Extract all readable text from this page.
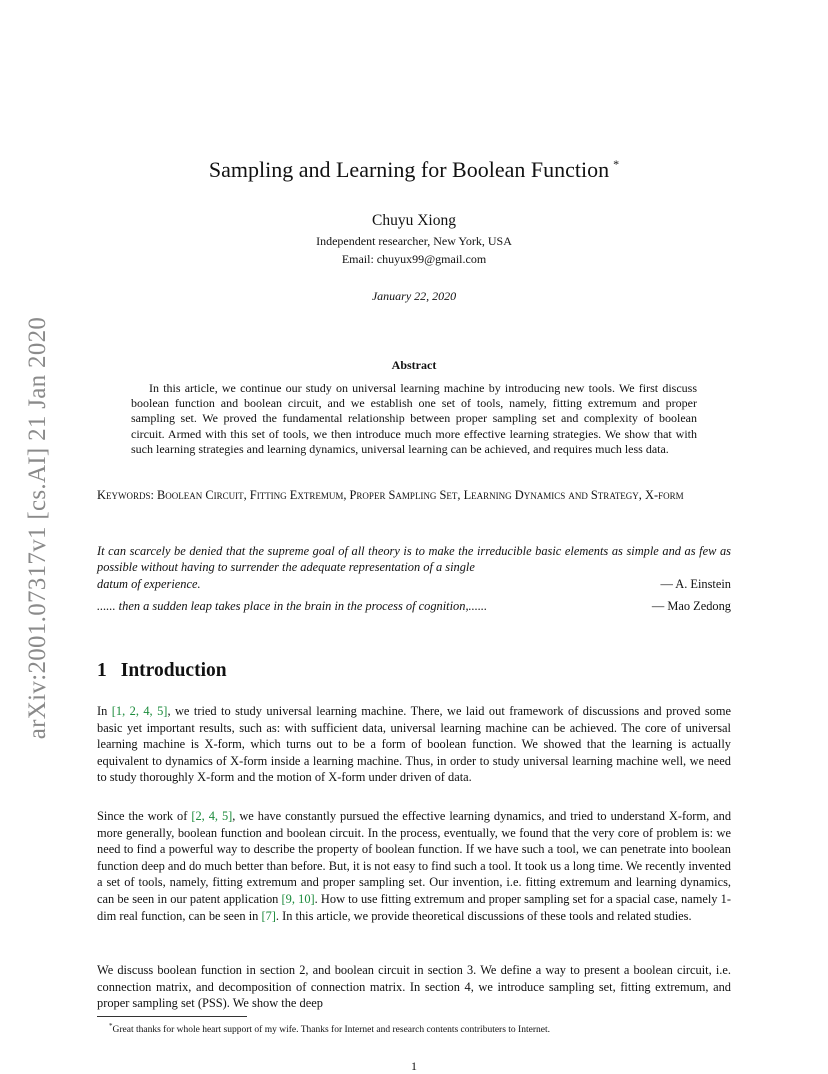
arXiv:2001.07317v1 [cs.AI] 21 Jan 2020
Sampling and Learning for Boolean Function *
Chuyu Xiong
Independent researcher, New York, USA
Email: chuyux99@gmail.com
January 22, 2020
Abstract

In this article, we continue our study on universal learning machine by introducing new tools. We first discuss boolean function and boolean circuit, and we establish one set of tools, namely, fitting extremum and proper sampling set. We proved the fundamental relationship between proper sampling set and complexity of boolean circuit. Armed with this set of tools, we then introduce much more effective learning strategies. We show that with such learning strategies and learning dynamics, universal learning can be achieved, and requires much less data.

Keywords: Boolean Circuit, Fitting Extremum, Proper Sampling Set, Learning Dynamics and Strategy, X-form

It can scarcely be denied that the supreme goal of all theory is to make the irreducible basic elements as simple and as few as possible without having to surrender the adequate representation of a single
datum of experience.	— A. Einstein
...... then a sudden leap takes place in the brain in the process of cognition,......	— Mao Zedong
1 Introduction

In [1, 2, 4, 5], we tried to study universal learning machine. There, we laid out framework of discussions and proved some basic yet important results, such as: with sufficient data, universal learning machine can be achieved. The core of universal learning machine is X-form, which turns out to be a form of boolean function. We showed that the learning is actually equivalent to dynamics of X-form inside a learning machine. Thus, in order to study universal learning machine well, we need to study thoroughly X-form and the motion of X-form under driven of data.

Since the work of [2, 4, 5], we have constantly pursued the effective learning dynamics, and tried to understand X-form, and more generally, boolean function and boolean circuit. In the process, eventually, we found that the very core of problem is: we need to find a powerful way to describe the property of boolean function. If we have such a tool, we can penetrate into boolean function deep and do much better than before. But, it is not easy to find such a tool. It took us a long time. We recently invented a set of tools, namely, fitting extremum and proper sampling set. Our invention, i.e. fitting extremum and learning dynamics, can be seen in our patent application [9, 10]. How to use fitting extremum and proper sampling set for a spacial case, namely 1-dim real function, can be seen in [7]. In this article, we provide theoretical discussions of these tools and related studies.

We discuss boolean function in section 2, and boolean circuit in section 3. We define a way to present a boolean circuit, i.e. connection matrix, and decomposition of connection matrix. In section 4, we introduce sampling set, fitting extremum, and proper sampling set (PSS). We show the deep

*Great thanks for whole heart support of my wife. Thanks for Internet and research contents contributers to Internet.

1
